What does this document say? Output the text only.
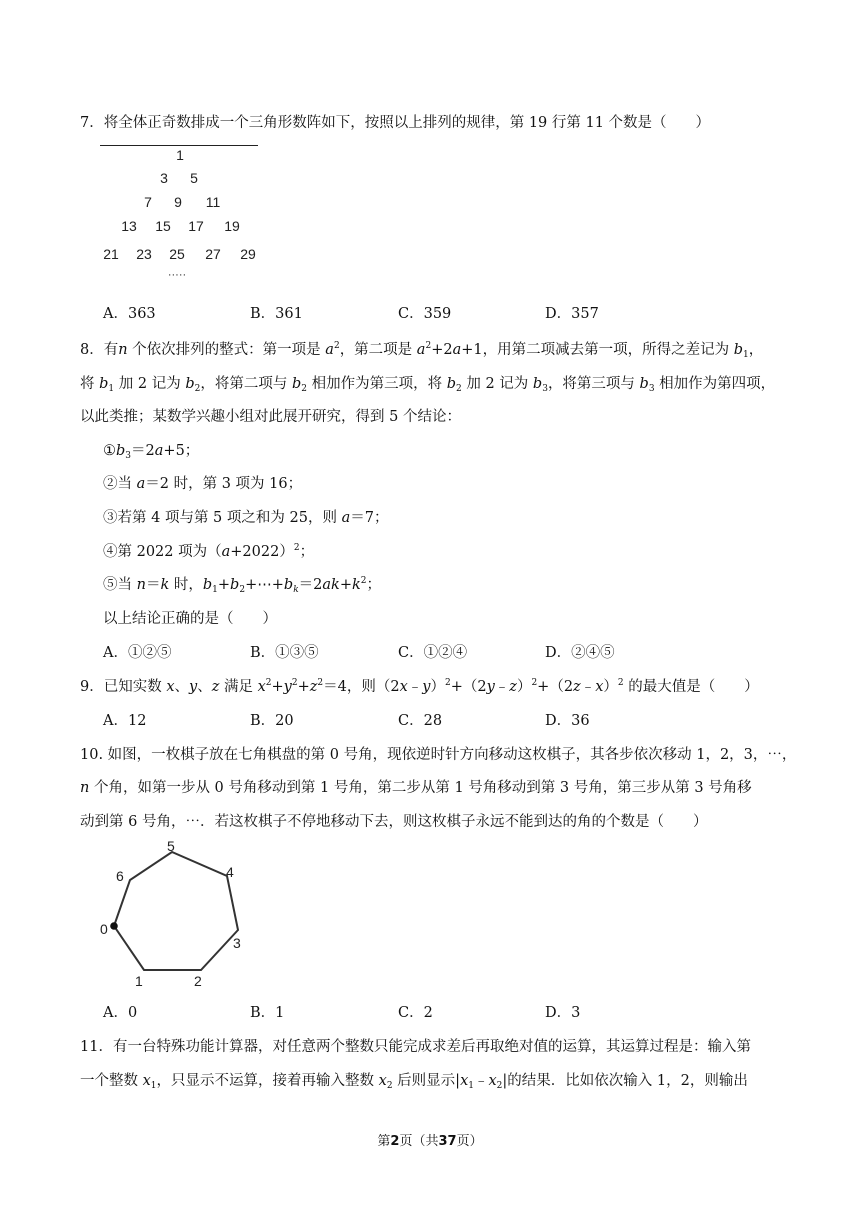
7．将全体正奇数排成一个三角形数阵如下，按照以上排列的规律，第 19 行第 11 个数是（　　）
1
3 5
7 9 11
13 15 17 19
21 23 25 27 29
·····
A．363	B．361	C．359	D．357
8．有n 个依次排列的整式：第一项是 $a^2$，第二项是 $a^2+2a+1$，用第二项减去第一项，所得之差记为 $b_1$，
将 $b_1$ 加 2 记为 $b_2$，将第二项与 $b_2$ 相加作为第三项，将 $b_2$ 加 2 记为 $b_3$，将第三项与 $b_3$ 相加作为第四项，
以此类推；某数学兴趣小组对此展开研究，得到 5 个结论：
$①b_3=2a+5$；
②当 a＝2 时，第 3 项为 16；
③若第 4 项与第 5 项之和为 25，则 a＝7；
④第 2022 项为$(a+2022)^2$；
⑤当 n＝k 时，$b_1+b_2+\cdots+b_k=2ak+k^2$；
以上结论正确的是（　　）
A．①②⑤	B．①③⑤	C．①②④	D．②④⑤
9．已知实数 x、y、z 满足 $x^2+y^2+z^2=4$，则（2x﹣y）$^2$+（2y﹣z）$^2$+（2z﹣x）$^2$ 的最大值是（　　）
A．12	B．20	C．28	D．36
10. 如图，一枚棋子放在七角棋盘的第 0 号角，现依逆时针方向移动这枚棋子，其各步依次移动 1，2，3，⋯，
n 个角，如第一步从 0 号角移动到第 1 号角，第二步从第 1 号角移动到第 3 号角，第三步从第 3 号角移
动到第 6 号角，⋯．若这枚棋子不停地移动下去，则这枚棋子永远不能到达的角的个数是（　　）
0
1	2
3
4
5
6
A．0	B．1	C．2	D．3
11．有一台特殊功能计算器，对任意两个整数只能完成求差后再取绝对值的运算，其运算过程是：输入第
一个整数 $x_1$，只显示不运算，接着再输入整数 $x_2$ 后则显示$|x_1﹣x_2|$的结果．比如依次输入 1，2，则输出
第2页（共37页）
